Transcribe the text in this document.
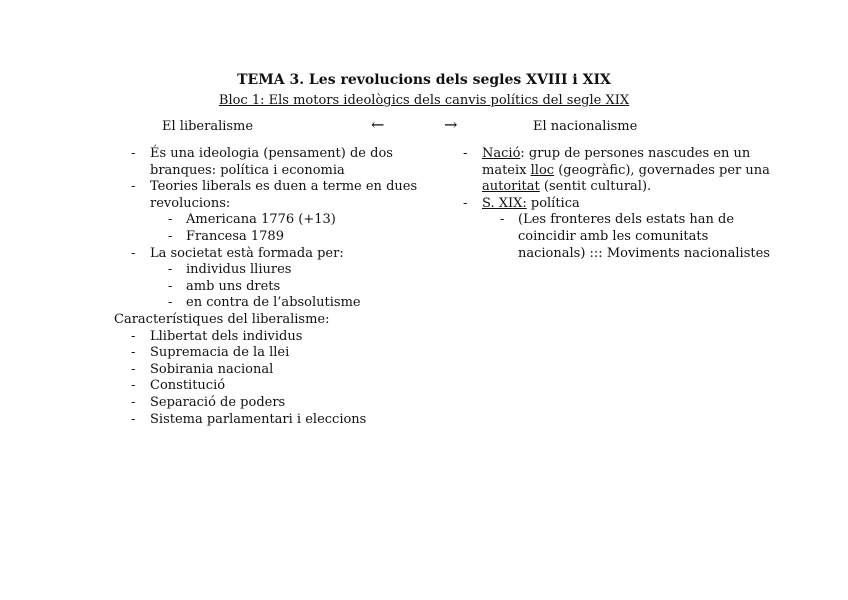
TEMA 3. Les revolucions dels segles XVIII i XIX
Bloc 1: Els motors ideològics dels canvis polítics del segle XIX
El liberalisme	←	→	El nacionalisme
- És una ideologia (pensament) de dos
branques: política i economia
- Teories liberals es duen a terme en dues
revolucions:
- Americana 1776 (+13)
- Francesa 1789
- La societat està formada per:
- individus lliures
- amb uns drets
- en contra de l’absolutisme
Característiques del liberalisme:
- Llibertat dels individus
- Supremacia de la llei
- Sobirania nacional
- Constitució
- Separació de poders
- Sistema parlamentari i eleccions
- Nació: grup de persones nascudes en un
mateix lloc (geogràfic), governades per una
autoritat (sentit cultural).
- S. XIX: política
- (Les fronteres dels estats han de
coincidir amb les comunitats
nacionals) ::: Moviments nacionalistes
